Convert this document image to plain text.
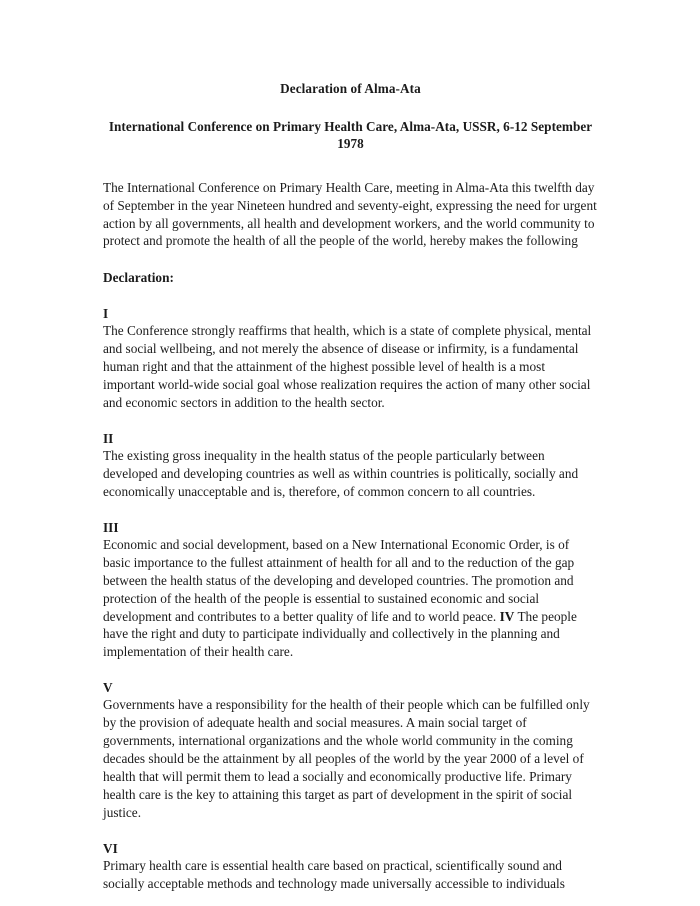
Declaration of Alma-Ata
International Conference on Primary Health Care, Alma-Ata, USSR, 6-12 September 1978

The International Conference on Primary Health Care, meeting in Alma-Ata this twelfth day of September in the year Nineteen hundred and seventy-eight, expressing the need for urgent action by all governments, all health and development workers, and the world community to protect and promote the health of all the people of the world, hereby makes the following

Declaration:

I

The Conference strongly reaffirms that health, which is a state of complete physical, mental and social wellbeing, and not merely the absence of disease or infirmity, is a fundamental human right and that the attainment of the highest possible level of health is a most important world-wide social goal whose realization requires the action of many other social and economic sectors in addition to the health sector.

II

The existing gross inequality in the health status of the people particularly between developed and developing countries as well as within countries is politically, socially and economically unacceptable and is, therefore, of common concern to all countries.

III

Economic and social development, based on a New International Economic Order, is of basic importance to the fullest attainment of health for all and to the reduction of the gap between the health status of the developing and developed countries. The promotion and protection of the health of the people is essential to sustained economic and social development and contributes to a better quality of life and to world peace. IV The people have the right and duty to participate individually and collectively in the planning and implementation of their health care.

V

Governments have a responsibility for the health of their people which can be fulfilled only by the provision of adequate health and social measures. A main social target of governments, international organizations and the whole world community in the coming decades should be the attainment by all peoples of the world by the year 2000 of a level of health that will permit them to lead a socially and economically productive life. Primary health care is the key to attaining this target as part of development in the spirit of social justice.

VI

Primary health care is essential health care based on practical, scientifically sound and socially acceptable methods and technology made universally accessible to individuals
